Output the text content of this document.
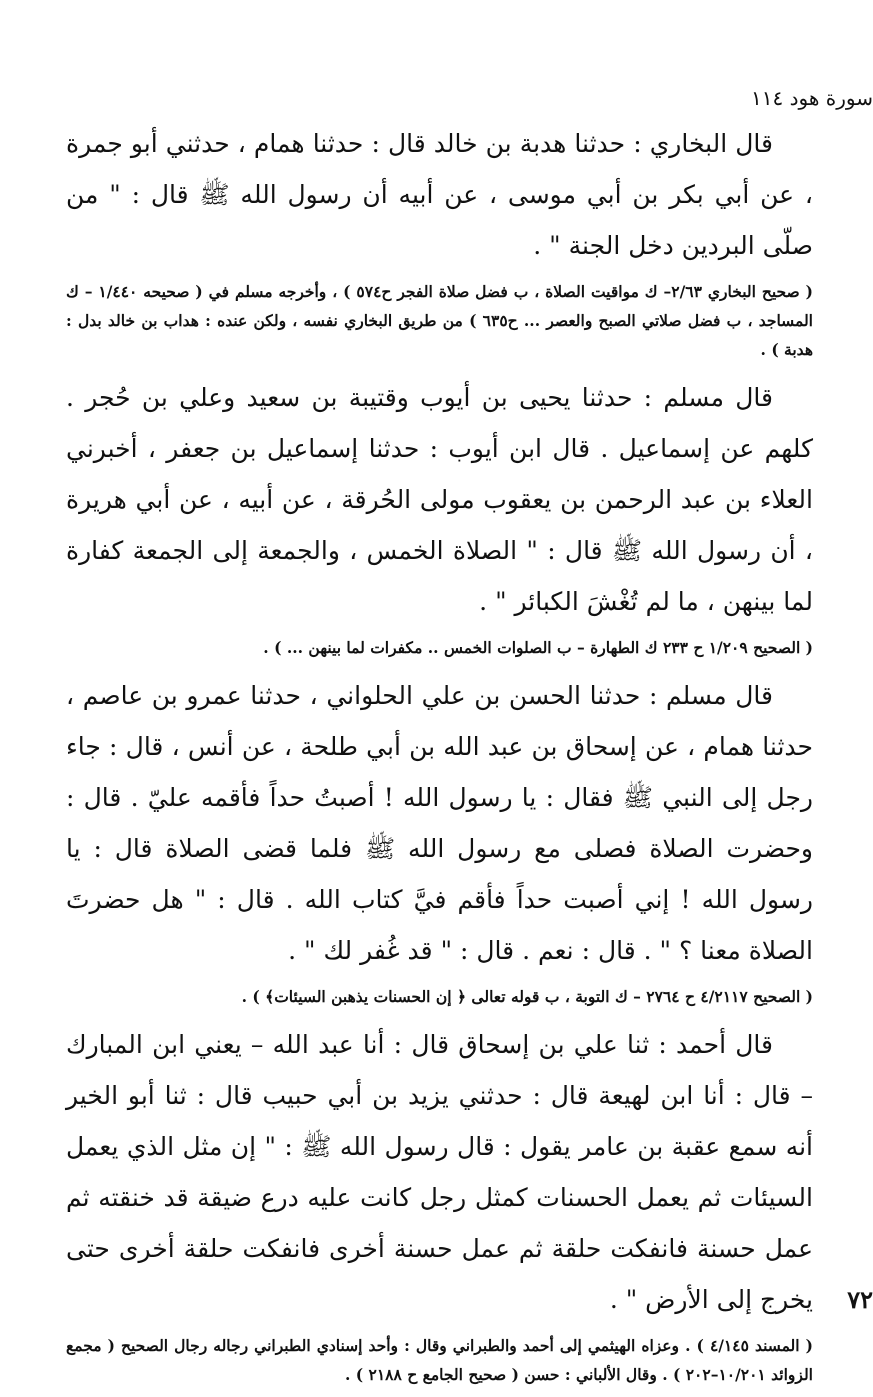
سورة هود ١١٤

قال البخاري : حدثنا هدبة بن خالد قال : حدثنا همام ، حدثني أبو جمرة ، عن أبي بكر بن أبي موسى ، عن أبيه أن رسول الله ﷺ قال : " من صلّى البردين دخل الجنة " .

( صحيح البخاري ٢/٦٣– ك مواقيت الصلاة ، ب فضل صلاة الفجر ح٥٧٤ ) ، وأخرجه مسلم في ( صحيحه ١/٤٤٠ – ك المساجد ، ب فضل صلاتي الصبح والعصر ... ح٦٣٥ ) من طريق البخاري نفسه ، ولكن عنده : هداب بن خالد بدل : هدبة ) .

قال مسلم : حدثنا يحيى بن أيوب وقتيبة بن سعيد وعلي بن حُجر . كلهم عن إسماعيل . قال ابن أيوب : حدثنا إسماعيل بن جعفر ، أخبرني العلاء بن عبد الرحمن بن يعقوب مولى الحُرقة ، عن أبيه ، عن أبي هريرة ، أن رسول الله ﷺ قال : " الصلاة الخمس ، والجمعة إلى الجمعة كفارة لما بينهن ، ما لم تُغْشَ الكبائر " .

( الصحيح ١/٢٠٩ ح ٢٣٣ ك الطهارة – ب الصلوات الخمس .. مكفرات لما بينهن ... ) .

قال مسلم : حدثنا الحسن بن علي الحلواني ، حدثنا عمرو بن عاصم ، حدثنا همام ، عن إسحاق بن عبد الله بن أبي طلحة ، عن أنس ، قال : جاء رجل إلى النبي ﷺ فقال : يا رسول الله ! أصبتُ حداً فأقمه عليّ . قال : وحضرت الصلاة فصلى مع رسول الله ﷺ فلما قضى الصلاة قال : يا رسول الله ! إني أصبت حداً فأقم فيَّ كتاب الله . قال : " هل حضرتَ الصلاة معنا ؟ " . قال : نعم . قال : " قد غُفر لك " .

( الصحيح ٤/٢١١٧ ح ٢٧٦٤ – ك التوبة ، ب قوله تعالى ﴿ إن الحسنات يذهبن السيئات﴾ ) .

قال أحمد : ثنا علي بن إسحاق قال : أنا عبد الله – يعني ابن المبارك – قال : أنا ابن لهيعة قال : حدثني يزيد بن أبي حبيب قال : ثنا أبو الخير أنه سمع عقبة بن عامر يقول : قال رسول الله ﷺ : " إن مثل الذي يعمل السيئات ثم يعمل الحسنات كمثل رجل كانت عليه درع ضيقة قد خنقته ثم عمل حسنة فانفكت حلقة ثم عمل حسنة أخرى فانفكت حلقة أخرى حتى يخرج إلى الأرض " .

( المسند ٤/١٤٥ ) . وعزاه الهيثمي إلى أحمد والطبراني وقال : وأحد إسنادي الطبراني رجاله رجال الصحيح ( مجمع الزوائد ١٠/٢٠١–٢٠٢ ) . وقال الألباني : حسن ( صحيح الجامع ح ٢١٨٨ ) .

٧٢
